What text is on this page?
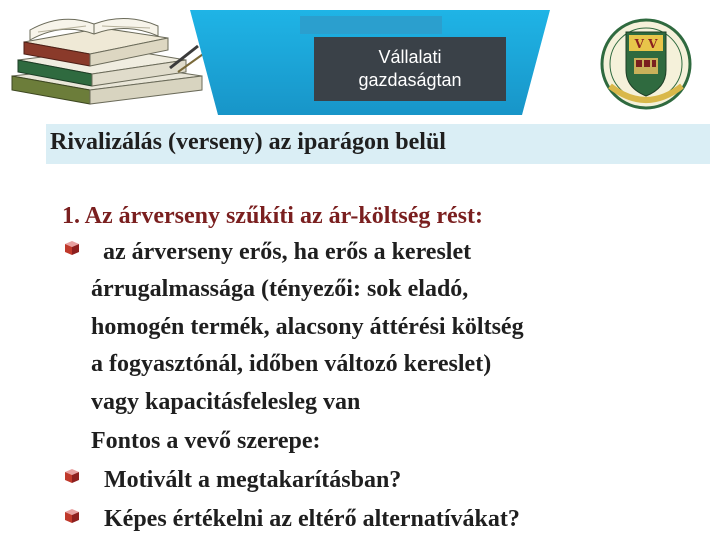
Vállalati
gazdaságtan
V V
Rivalizálás (verseny) az iparágon belül
1. Az árverseny szűkíti az ár-költség rést:
az árverseny erős, ha erős a kereslet
árrugalmassága (tényezői: sok eladó,
homogén termék, alacsony áttérési költség
a fogyasztónál, időben változó kereslet)
vagy kapacitásfelesleg van
Fontos a vevő szerepe:
Motivált a megtakarításban?
Képes értékelni az eltérő alternatívákat?
